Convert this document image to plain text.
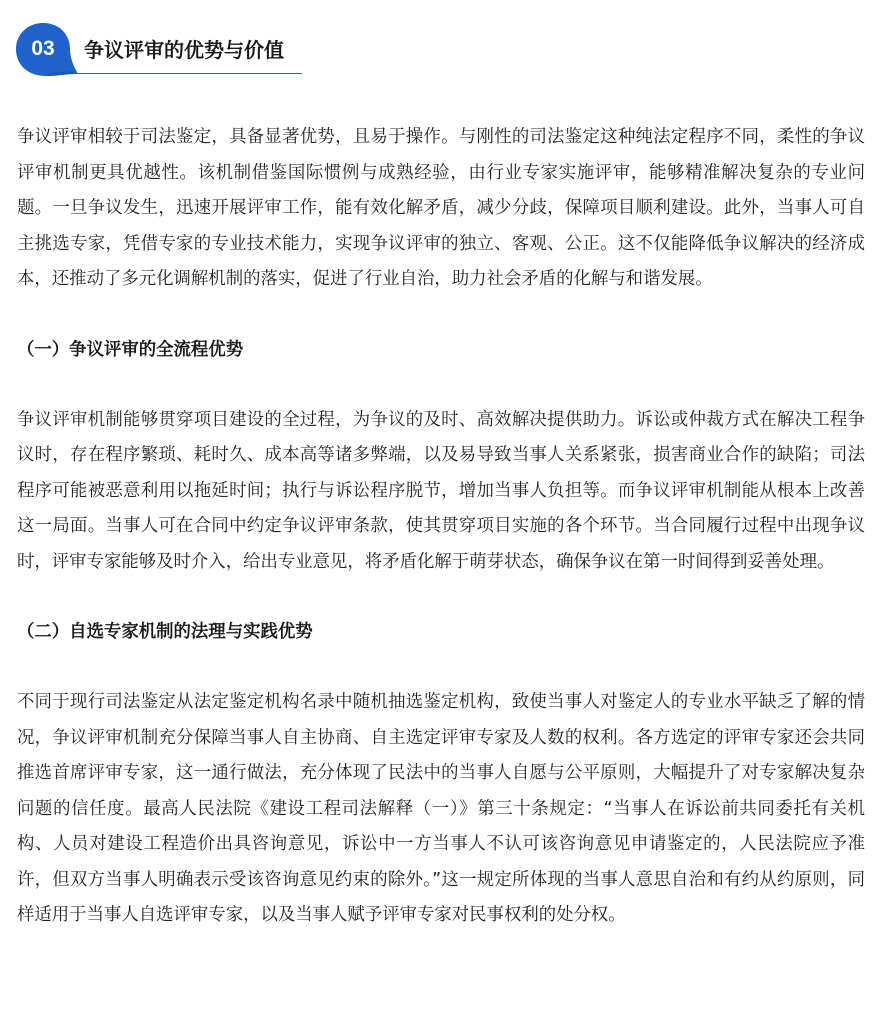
03	争议评审的优势与价值

争议评审相较于司法鉴定，具备显著优势，且易于操作。与刚性的司法鉴定这种纯法定程序不同，柔性的争议评审机制更具优越性。该机制借鉴国际惯例与成熟经验，由行业专家实施评审，能够精准解决复杂的专业问题。一旦争议发生，迅速开展评审工作，能有效化解矛盾，减少分歧，保障项目顺利建设。此外，当事人可自主挑选专家，凭借专家的专业技术能力，实现争议评审的独立、客观、公正。这不仅能降低争议解决的经济成本，还推动了多元化调解机制的落实，促进了行业自治，助力社会矛盾的化解与和谐发展。

（一）争议评审的全流程优势

争议评审机制能够贯穿项目建设的全过程，为争议的及时、高效解决提供助力。诉讼或仲裁方式在解决工程争议时，存在程序繁琐、耗时久、成本高等诸多弊端，以及易导致当事人关系紧张，损害商业合作的缺陷；司法程序可能被恶意利用以拖延时间；执行与诉讼程序脱节，增加当事人负担等。而争议评审机制能从根本上改善这一局面。当事人可在合同中约定争议评审条款，使其贯穿项目实施的各个环节。当合同履行过程中出现争议时，评审专家能够及时介入，给出专业意见，将矛盾化解于萌芽状态，确保争议在第一时间得到妥善处理。

（二）自选专家机制的法理与实践优势

不同于现行司法鉴定从法定鉴定机构名录中随机抽选鉴定机构，致使当事人对鉴定人的专业水平缺乏了解的情况，争议评审机制充分保障当事人自主协商、自主选定评审专家及人数的权利。各方选定的评审专家还会共同推选首席评审专家，这一通行做法，充分体现了民法中的当事人自愿与公平原则，大幅提升了对专家解决复杂问题的信任度。最高人民法院《建设工程司法解释（一）》第三十条规定：“当事人在诉讼前共同委托有关机构、人员对建设工程造价出具咨询意见，诉讼中一方当事人不认可该咨询意见申请鉴定的，人民法院应予准许，但双方当事人明确表示受该咨询意见约束的除外。”这一规定所体现的当事人意思自治和有约从约原则，同样适用于当事人自选评审专家，以及当事人赋予评审专家对民事权利的处分权。
